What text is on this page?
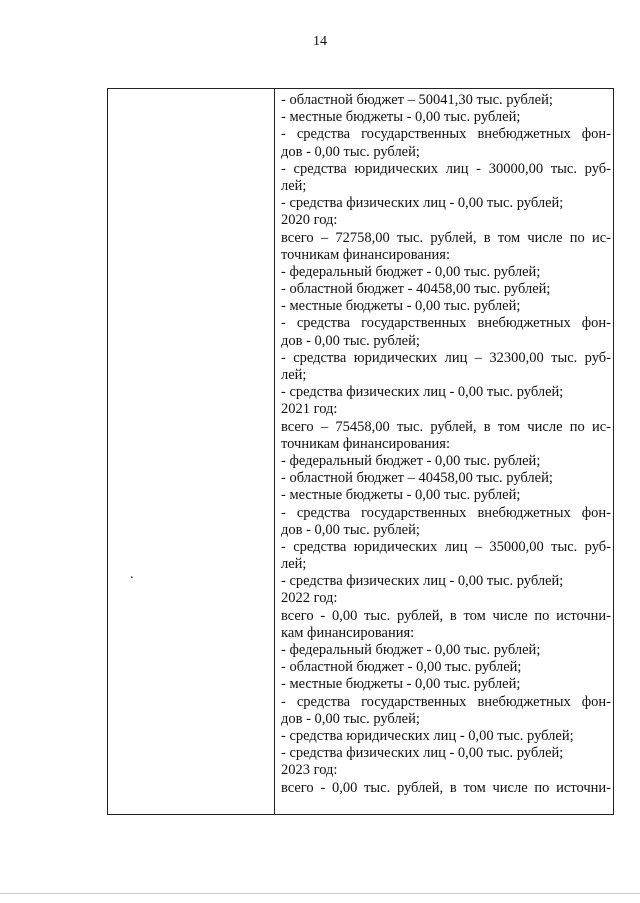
14
.
- областной бюджет – 50041,30 тыс. рублей;
- местные бюджеты - 0,00 тыс. рублей;
- средства государственных внебюджетных фон-
дов - 0,00 тыс. рублей;
- средства юридических лиц - 30000,00 тыс. руб-
лей;
- средства физических лиц - 0,00 тыс. рублей;
2020 год:
всего – 72758,00 тыс. рублей, в том числе по ис-
точникам финансирования:
- федеральный бюджет - 0,00 тыс. рублей;
- областной бюджет - 40458,00 тыс. рублей;
- местные бюджеты - 0,00 тыс. рублей;
- средства государственных внебюджетных фон-
дов - 0,00 тыс. рублей;
- средства юридических лиц – 32300,00 тыс. руб-
лей;
- средства физических лиц - 0,00 тыс. рублей;
2021 год:
всего – 75458,00 тыс. рублей, в том числе по ис-
точникам финансирования:
- федеральный бюджет - 0,00 тыс. рублей;
- областной бюджет – 40458,00 тыс. рублей;
- местные бюджеты - 0,00 тыс. рублей;
- средства государственных внебюджетных фон-
дов - 0,00 тыс. рублей;
- средства юридических лиц – 35000,00 тыс. руб-
лей;
- средства физических лиц - 0,00 тыс. рублей;
2022 год:
всего - 0,00 тыс. рублей, в том числе по источни-
кам финансирования:
- федеральный бюджет - 0,00 тыс. рублей;
- областной бюджет - 0,00 тыс. рублей;
- местные бюджеты - 0,00 тыс. рублей;
- средства государственных внебюджетных фон-
дов - 0,00 тыс. рублей;
- средства юридических лиц - 0,00 тыс. рублей;
- средства физических лиц - 0,00 тыс. рублей;
2023 год:
всего - 0,00 тыс. рублей, в том числе по источни-
